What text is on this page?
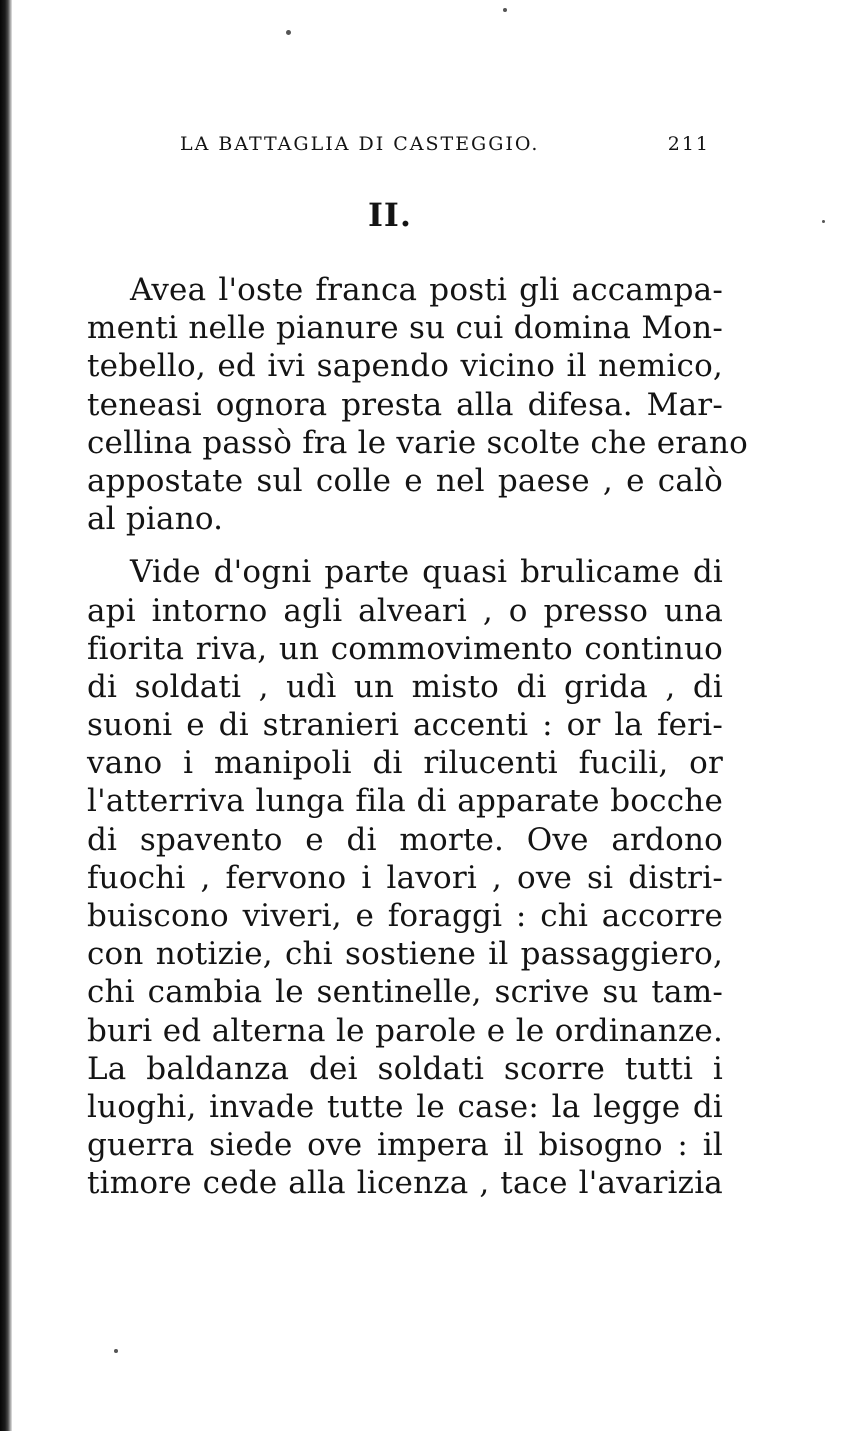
LA BATTAGLIA DI CASTEGGIO.	211
II.
Avea l'oste franca posti gli accampa-
menti nelle pianure su cui domina Mon-
tebello, ed ivi sapendo vicino il nemico,
teneasi ognora presta alla difesa. Mar-
cellina passò fra le varie scolte che erano
appostate sul colle e nel paese , e calò
al piano.
Vide d'ogni parte quasi brulicame di
api intorno agli alveari , o presso una
fiorita riva, un commovimento continuo
di soldati , udì un misto di grida , di
suoni e di stranieri accenti : or la feri-
vano i manipoli di rilucenti fucili, or
l'atterriva lunga fila di apparate bocche
di spavento e di morte. Ove ardono
fuochi , fervono i lavori , ove si distri-
buiscono viveri, e foraggi : chi accorre
con notizie, chi sostiene il passaggiero,
chi cambia le sentinelle, scrive su tam-
buri ed alterna le parole e le ordinanze.
La baldanza dei soldati scorre tutti i
luoghi, invade tutte le case: la legge di
guerra siede ove impera il bisogno : il
timore cede alla licenza , tace l'avarizia
